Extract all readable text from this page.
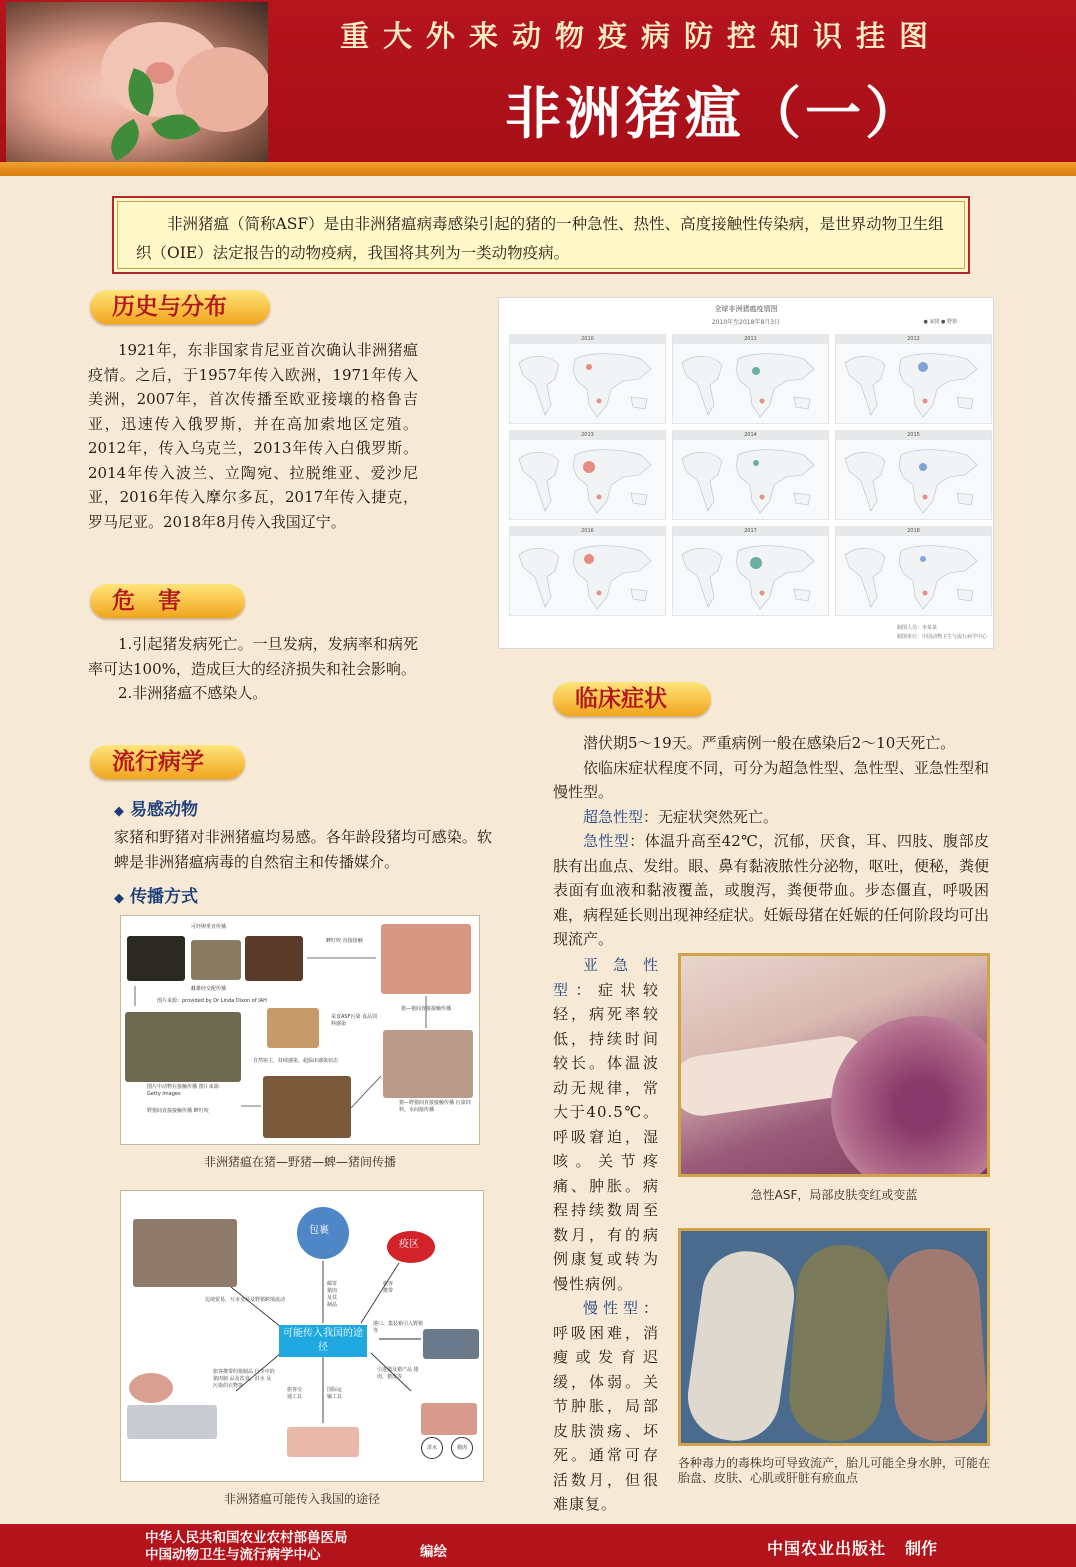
重大外来动物疫病防控知识挂图
非洲猪瘟（一）
非洲猪瘟（简称ASF）是由非洲猪瘟病毒感染引起的猪的一种急性、热性、高度接触性传染病，是世界动物卫生组织（OIE）法定报告的动物疫病，我国将其列为一类动物疫病。
历史与分布

1921年，东非国家肯尼亚首次确认非洲猪瘟疫情。之后，于1957年传入欧洲，1971年传入美洲，2007年，首次传播至欧亚接壤的格鲁吉亚，迅速传入俄罗斯，并在高加索地区定殖。2012年，传入乌克兰，2013年传入白俄罗斯。2014年传入波兰、立陶宛、拉脱维亚、爱沙尼亚，2016年传入摩尔多瓦，2017年传入捷克，罗马尼亚。2018年8月传入我国辽宁。

全球非洲猪瘟疫情图
2010年至2018年8月3日	● 家猪 ● 野猪
2010	2011	2012
2013	2014	2015
2016	2017	2018
制图人员：李某某
制图单位：中国动物卫生与流行病学中心
危　害

1.引起猪发病死亡。一旦发病，发病率和病死率可达100%，造成巨大的经济损失和社会影响。

2.非洲猪瘟不感染人。

流行病学
◆ 易感动物
家猪和野猪对非洲猪瘟均易感。各年龄段猪均可感染。软蜱是非洲猪瘟病毒的自然宿主和传播媒介。
◆ 传播方式
可经卵垂直传播
蜱叮咬 直接接触
雌雄经交配传播
图片来源：provided by Dr Linda Dixon of IAH
采食ASF污染 食品饲料感染
猪—猪间直接接触传播
自然宿主，持续感染，超临床感染状态
图片中动物在接触传播 图片来源：Getty images
野猪间直接接触传播 蜱叮咬
猪—野猪间直接接触传播 污染饲料，水间接传播
非洲猪瘟在猪—野猪—蜱—猪间传播
包裹
疫区
邮寄猪肉及其制品
旅客携带
边境贸易，互市交易及野猪跨境流动
可能传入我国的途径
港口、集装箱引入野猪等
旅客携带的猪制品 行李中的猪肉制 品及饮食，泔水 及污染的衣物等
引进猪及猪产品 猪肉、猪皮等
旅客交通工具
国际运输工具
泔水	猪肉
非洲猪瘟可能传入我国的途径
临床症状

潜伏期5～19天。严重病例一般在感染后2～10天死亡。

依临床症状程度不同，可分为超急性型、急性型、亚急性型和慢性型。

超急性型：无症状突然死亡。

急性型：体温升高至42℃，沉郁，厌食，耳、四肢、腹部皮肤有出血点、发绀。眼、鼻有黏液脓性分泌物，呕吐，便秘，粪便表面有血液和黏液覆盖，或腹泻，粪便带血。步态僵直，呼吸困难，病程延长则出现神经症状。妊娠母猪在妊娠的任何阶段均可出现流产。

亚急性型：症状较轻，病死率较低，持续时间较长。体温波动无规律，常大于40.5℃。呼吸窘迫，湿咳。关节疼痛、肿胀。病程持续数周至数月，有的病例康复或转为慢性病例。

慢性型：呼吸困难，消瘦或发育迟缓，体弱。关节肿胀，局部皮肤溃疡、坏死。通常可存活数月，但很难康复。

急性ASF，局部皮肤变红或变蓝
各种毒力的毒株均可导致流产，胎儿可能全身水肿，可能在胎盘、皮肤、心肌或肝脏有瘀血点
中华人民共和国农业农村部兽医局
中国动物卫生与流行病学中心	编绘	中国农业出版社 制作
